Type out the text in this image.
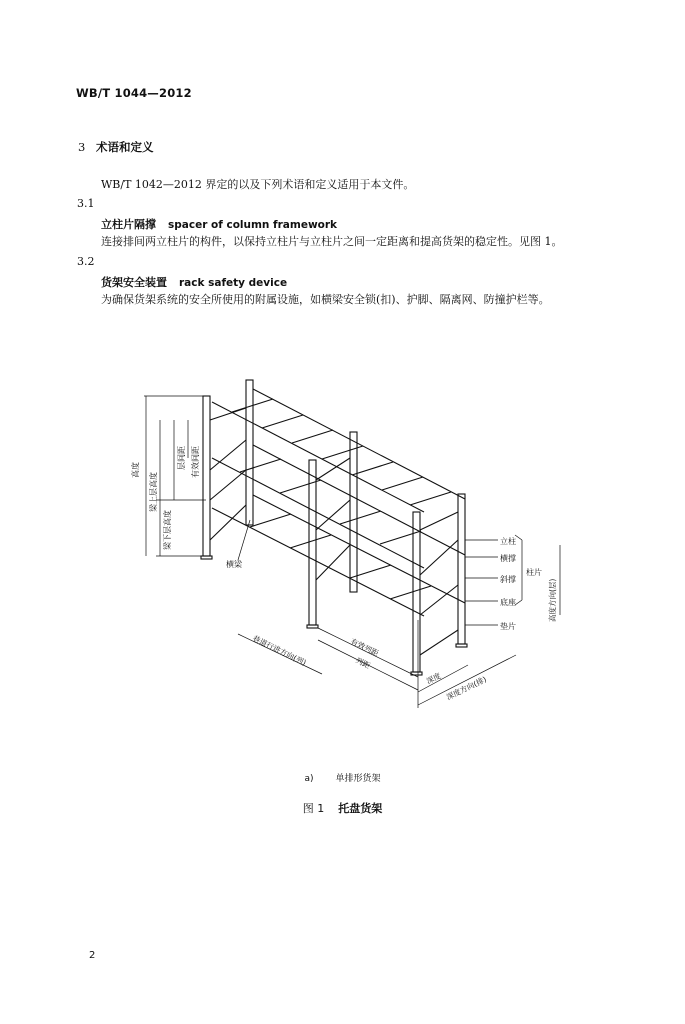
WB/T 1044—2012
3 术语和定义
WB/T 1042—2012 界定的以及下列术语和定义适用于本文件。
3.1
立柱片隔撑 spacer of column framework
连接排间两立柱片的构件，以保持立柱片与立柱片之间一定距离和提高货架的稳定性。见图 1。
3.2
货架安全装置 rack safety device
为确保货架系统的安全所使用的附属设施，如横梁安全锁(扣)、护脚、隔离网、防撞护栏等。
高度
梁上层高度
梁下层高度
层间距 有效间距
横梁
立柱
横撑
斜撑
底座
垫片
柱片
高度方向(层)
巷道行进方向(列)	有效列距
列距
深度 深度方向(排)
a) 单排形货架
图 1 托盘货架
2
